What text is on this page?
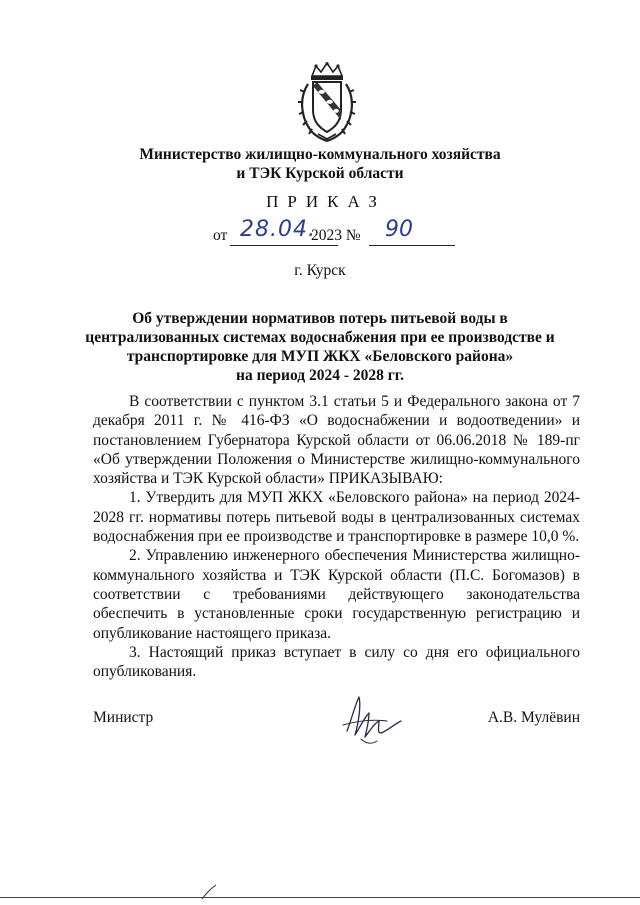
Министерство жилищно-коммунального хозяйства
и ТЭК Курской области
ПРИКАЗ
от 28.04.
2023 № 90
г. Курск
Об утверждении нормативов потерь питьевой воды в
централизованных системах водоснабжения при ее производстве и
транспортировке для МУП ЖКХ «Беловского района»
на период 2024 - 2028 гг.

В соответствии с пунктом 3.1 статьи 5 и Федерального закона от 7 декабря 2011 г. № 416-ФЗ «О водоснабжении и водоотведении» и постановлением Губернатора Курской области от 06.06.2018 № 189-пг «Об утверждении Положения о Министерстве жилищно-коммунального хозяйства и ТЭК Курской области» ПРИКАЗЫВАЮ:

1. Утвердить для МУП ЖКХ «Беловского района» на период 2024-2028 гг. нормативы потерь питьевой воды в централизованных системах водоснабжения при ее производстве и транспортировке в размере 10,0 %.

2. Управлению инженерного обеспечения Министерства жилищно-коммунального хозяйства и ТЭК Курской области (П.С. Богомазов) в соответствии с требованиями действующего законодательства обеспечить в установленные сроки государственную регистрацию и опубликование настоящего приказа.

3. Настоящий приказ вступает в силу со дня его официального опубликования.

Министр	А.В. Мулёвин
